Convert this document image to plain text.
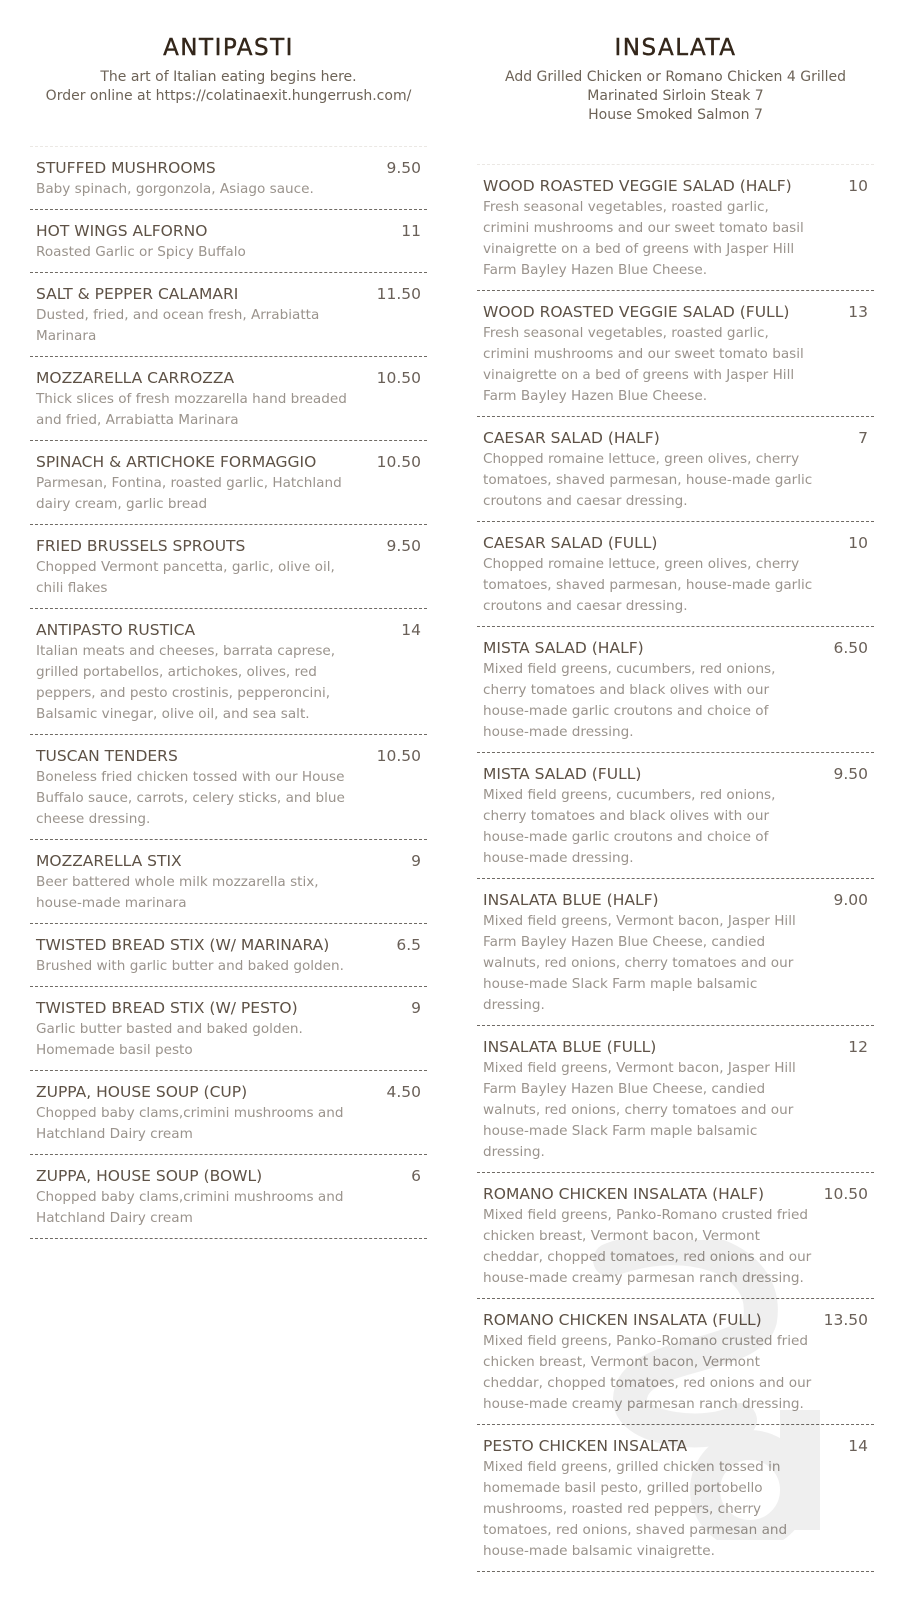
ANTIPASTI
The art of Italian eating begins here.
Order online at https://colatinaexit.hungerrush.com/
STUFFED MUSHROOMS	9.50
Baby spinach, gorgonzola, Asiago sauce.
HOT WINGS ALFORNO	11
Roasted Garlic or Spicy Buffalo
SALT & PEPPER CALAMARI	11.50
Dusted, fried, and ocean fresh, Arrabiatta Marinara
MOZZARELLA CARROZZA	10.50
Thick slices of fresh mozzarella hand breaded and fried, Arrabiatta Marinara
SPINACH & ARTICHOKE FORMAGGIO	10.50
Parmesan, Fontina, roasted garlic, Hatchland dairy cream, garlic bread
FRIED BRUSSELS SPROUTS	9.50
Chopped Vermont pancetta, garlic, olive oil, chili flakes
ANTIPASTO RUSTICA	14
Italian meats and cheeses, barrata caprese, grilled portabellos, artichokes, olives, red peppers, and pesto crostinis, pepperoncini, Balsamic vinegar, olive oil, and sea salt.
TUSCAN TENDERS	10.50
Boneless fried chicken tossed with our House Buffalo sauce, carrots, celery sticks, and blue cheese dressing.
MOZZARELLA STIX	9
Beer battered whole milk mozzarella stix, house-made marinara
TWISTED BREAD STIX (W/ MARINARA)	6.5
Brushed with garlic butter and baked golden.
TWISTED BREAD STIX (W/ PESTO)	9
Garlic butter basted and baked golden. Homemade basil pesto
ZUPPA, HOUSE SOUP (CUP)	4.50
Chopped baby clams,crimini mushrooms and Hatchland Dairy cream
ZUPPA, HOUSE SOUP (BOWL)	6
Chopped baby clams,crimini mushrooms and Hatchland Dairy cream
INSALATA
Add Grilled Chicken or Romano Chicken 4 Grilled
Marinated Sirloin Steak 7
House Smoked Salmon 7
WOOD ROASTED VEGGIE SALAD (HALF)	10
Fresh seasonal vegetables, roasted garlic, crimini mushrooms and our sweet tomato basil vinaigrette on a bed of greens with Jasper Hill Farm Bayley Hazen Blue Cheese.
WOOD ROASTED VEGGIE SALAD (FULL)	13
Fresh seasonal vegetables, roasted garlic, crimini mushrooms and our sweet tomato basil vinaigrette on a bed of greens with Jasper Hill Farm Bayley Hazen Blue Cheese.
CAESAR SALAD (HALF)	7
Chopped romaine lettuce, green olives, cherry tomatoes, shaved parmesan, house-made garlic croutons and caesar dressing.
CAESAR SALAD (FULL)	10
Chopped romaine lettuce, green olives, cherry tomatoes, shaved parmesan, house-made garlic croutons and caesar dressing.
MISTA SALAD (HALF)	6.50
Mixed field greens, cucumbers, red onions, cherry tomatoes and black olives with our house-made garlic croutons and choice of house-made dressing.
MISTA SALAD (FULL)	9.50
Mixed field greens, cucumbers, red onions, cherry tomatoes and black olives with our house-made garlic croutons and choice of house-made dressing.
INSALATA BLUE (HALF)	9.00
Mixed field greens, Vermont bacon, Jasper Hill Farm Bayley Hazen Blue Cheese, candied walnuts, red onions, cherry tomatoes and our house-made Slack Farm maple balsamic dressing.
INSALATA BLUE (FULL)	12
Mixed field greens, Vermont bacon, Jasper Hill Farm Bayley Hazen Blue Cheese, candied walnuts, red onions, cherry tomatoes and our house-made Slack Farm maple balsamic dressing.
ROMANO CHICKEN INSALATA (HALF)	10.50
Mixed field greens, Panko-Romano crusted fried chicken breast, Vermont bacon, Vermont cheddar, chopped tomatoes, red onions and our house-made creamy parmesan ranch dressing.
ROMANO CHICKEN INSALATA (FULL)	13.50
Mixed field greens, Panko-Romano crusted fried chicken breast, Vermont bacon, Vermont cheddar, chopped tomatoes, red onions and our house-made creamy parmesan ranch dressing.
PESTO CHICKEN INSALATA	14
Mixed field greens, grilled chicken tossed in homemade basil pesto, grilled portobello mushrooms, roasted red peppers, cherry tomatoes, red onions, shaved parmesan and house-made balsamic vinaigrette.
